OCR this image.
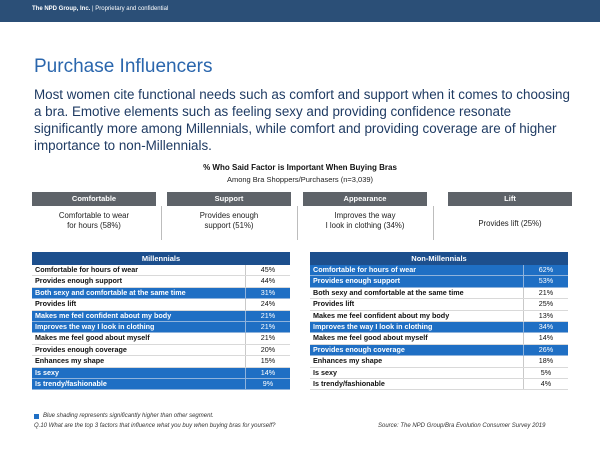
The NPD Group, Inc. | Proprietary and confidential
Purchase Influencers
Most women cite functional needs such as comfort and support when it comes to choosing a bra. Emotive elements such as feeling sexy and providing confidence resonate significantly more among Millennials, while comfort and providing coverage are of higher importance to non-Millennials.
% Who Said Factor is Important When Buying Bras
Among Bra Shoppers/Purchasers (n=3,039)
Comfortable
Comfortable to wear
for hours (58%)
Support
Provides enough
support (51%)
Appearance
Improves the way
I look in clothing (34%)
Lift
Provides lift (25%)
Millennials
Comfortable for hours of wear	45%
Provides enough support	44%
Both sexy and comfortable at the same time	31%
Provides lift	24%
Makes me feel confident about my body	21%
Improves the way I look in clothing	21%
Makes me feel good about myself	21%
Provides enough coverage	20%
Enhances my shape	15%
Is sexy	14%
Is trendy/fashionable	9%
Non-Millennials
Comfortable for hours of wear	62%
Provides enough support	53%
Both sexy and comfortable at the same time	21%
Provides lift	25%
Makes me feel confident about my body	13%
Improves the way I look in clothing	34%
Makes me feel good about myself	14%
Provides enough coverage	26%
Enhances my shape	18%
Is sexy	5%
Is trendy/fashionable	4%
Blue shading represents significantly higher than other segment.
Q.10 What are the top 3 factors that influence what you buy when buying bras for yourself?	Source: The NPD Group/Bra Evolution Consumer Survey 2019
